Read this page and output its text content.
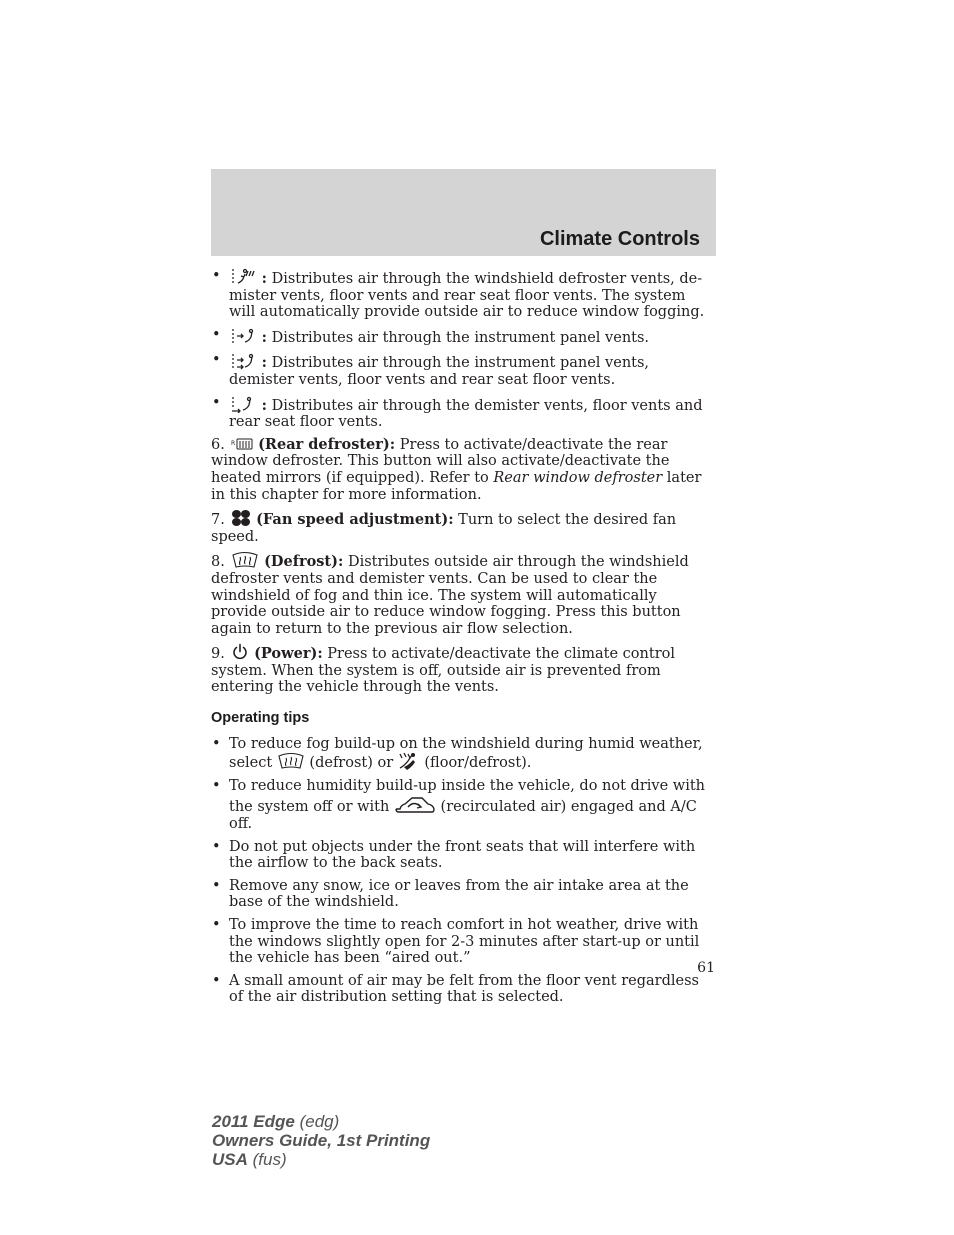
Climate Controls
• : Distributes air through the windshield defroster vents, de-mister vents, floor vents and rear seat floor vents. The system will automatically provide outside air to reduce window fogging.
• : Distributes air through the instrument panel vents.
• : Distributes air through the instrument panel vents, demister vents, floor vents and rear seat floor vents.
• : Distributes air through the demister vents, floor vents and rear seat floor vents.

6. R (Rear defroster): Press to activate/deactivate the rear window defroster. This button will also activate/deactivate the heated mirrors (if equipped). Refer to Rear window defroster later in this chapter for more information.

7. (Fan speed adjustment): Turn to select the desired fan speed.

8.	(Defrost): Distributes outside air through the windshield defroster vents and demister vents. Can be used to clear the windshield of fog and thin ice. The system will automatically provide outside air to reduce window fogging. Press this button again to return to the previous air flow selection.

9. (Power): Press to activate/deactivate the climate control system. When the system is off, outside air is prevented from entering the vehicle through the vents.

Operating tips
• To reduce fog build-up on the windshield during humid weather, select	(defrost) or (floor/defrost).
• To reduce humidity build-up inside the vehicle, do not drive with the system off or with	(recirculated air) engaged and A/C off.
• Do not put objects under the front seats that will interfere with the airflow to the back seats.
• Remove any snow, ice or leaves from the air intake area at the base of the windshield.
• To improve the time to reach comfort in hot weather, drive with the windows slightly open for 2-3 minutes after start-up or until the vehicle has been “aired out.”
• A small amount of air may be felt from the floor vent regardless of the air distribution setting that is selected.
61
2011 Edge (edg)
Owners Guide, 1st Printing
USA (fus)
